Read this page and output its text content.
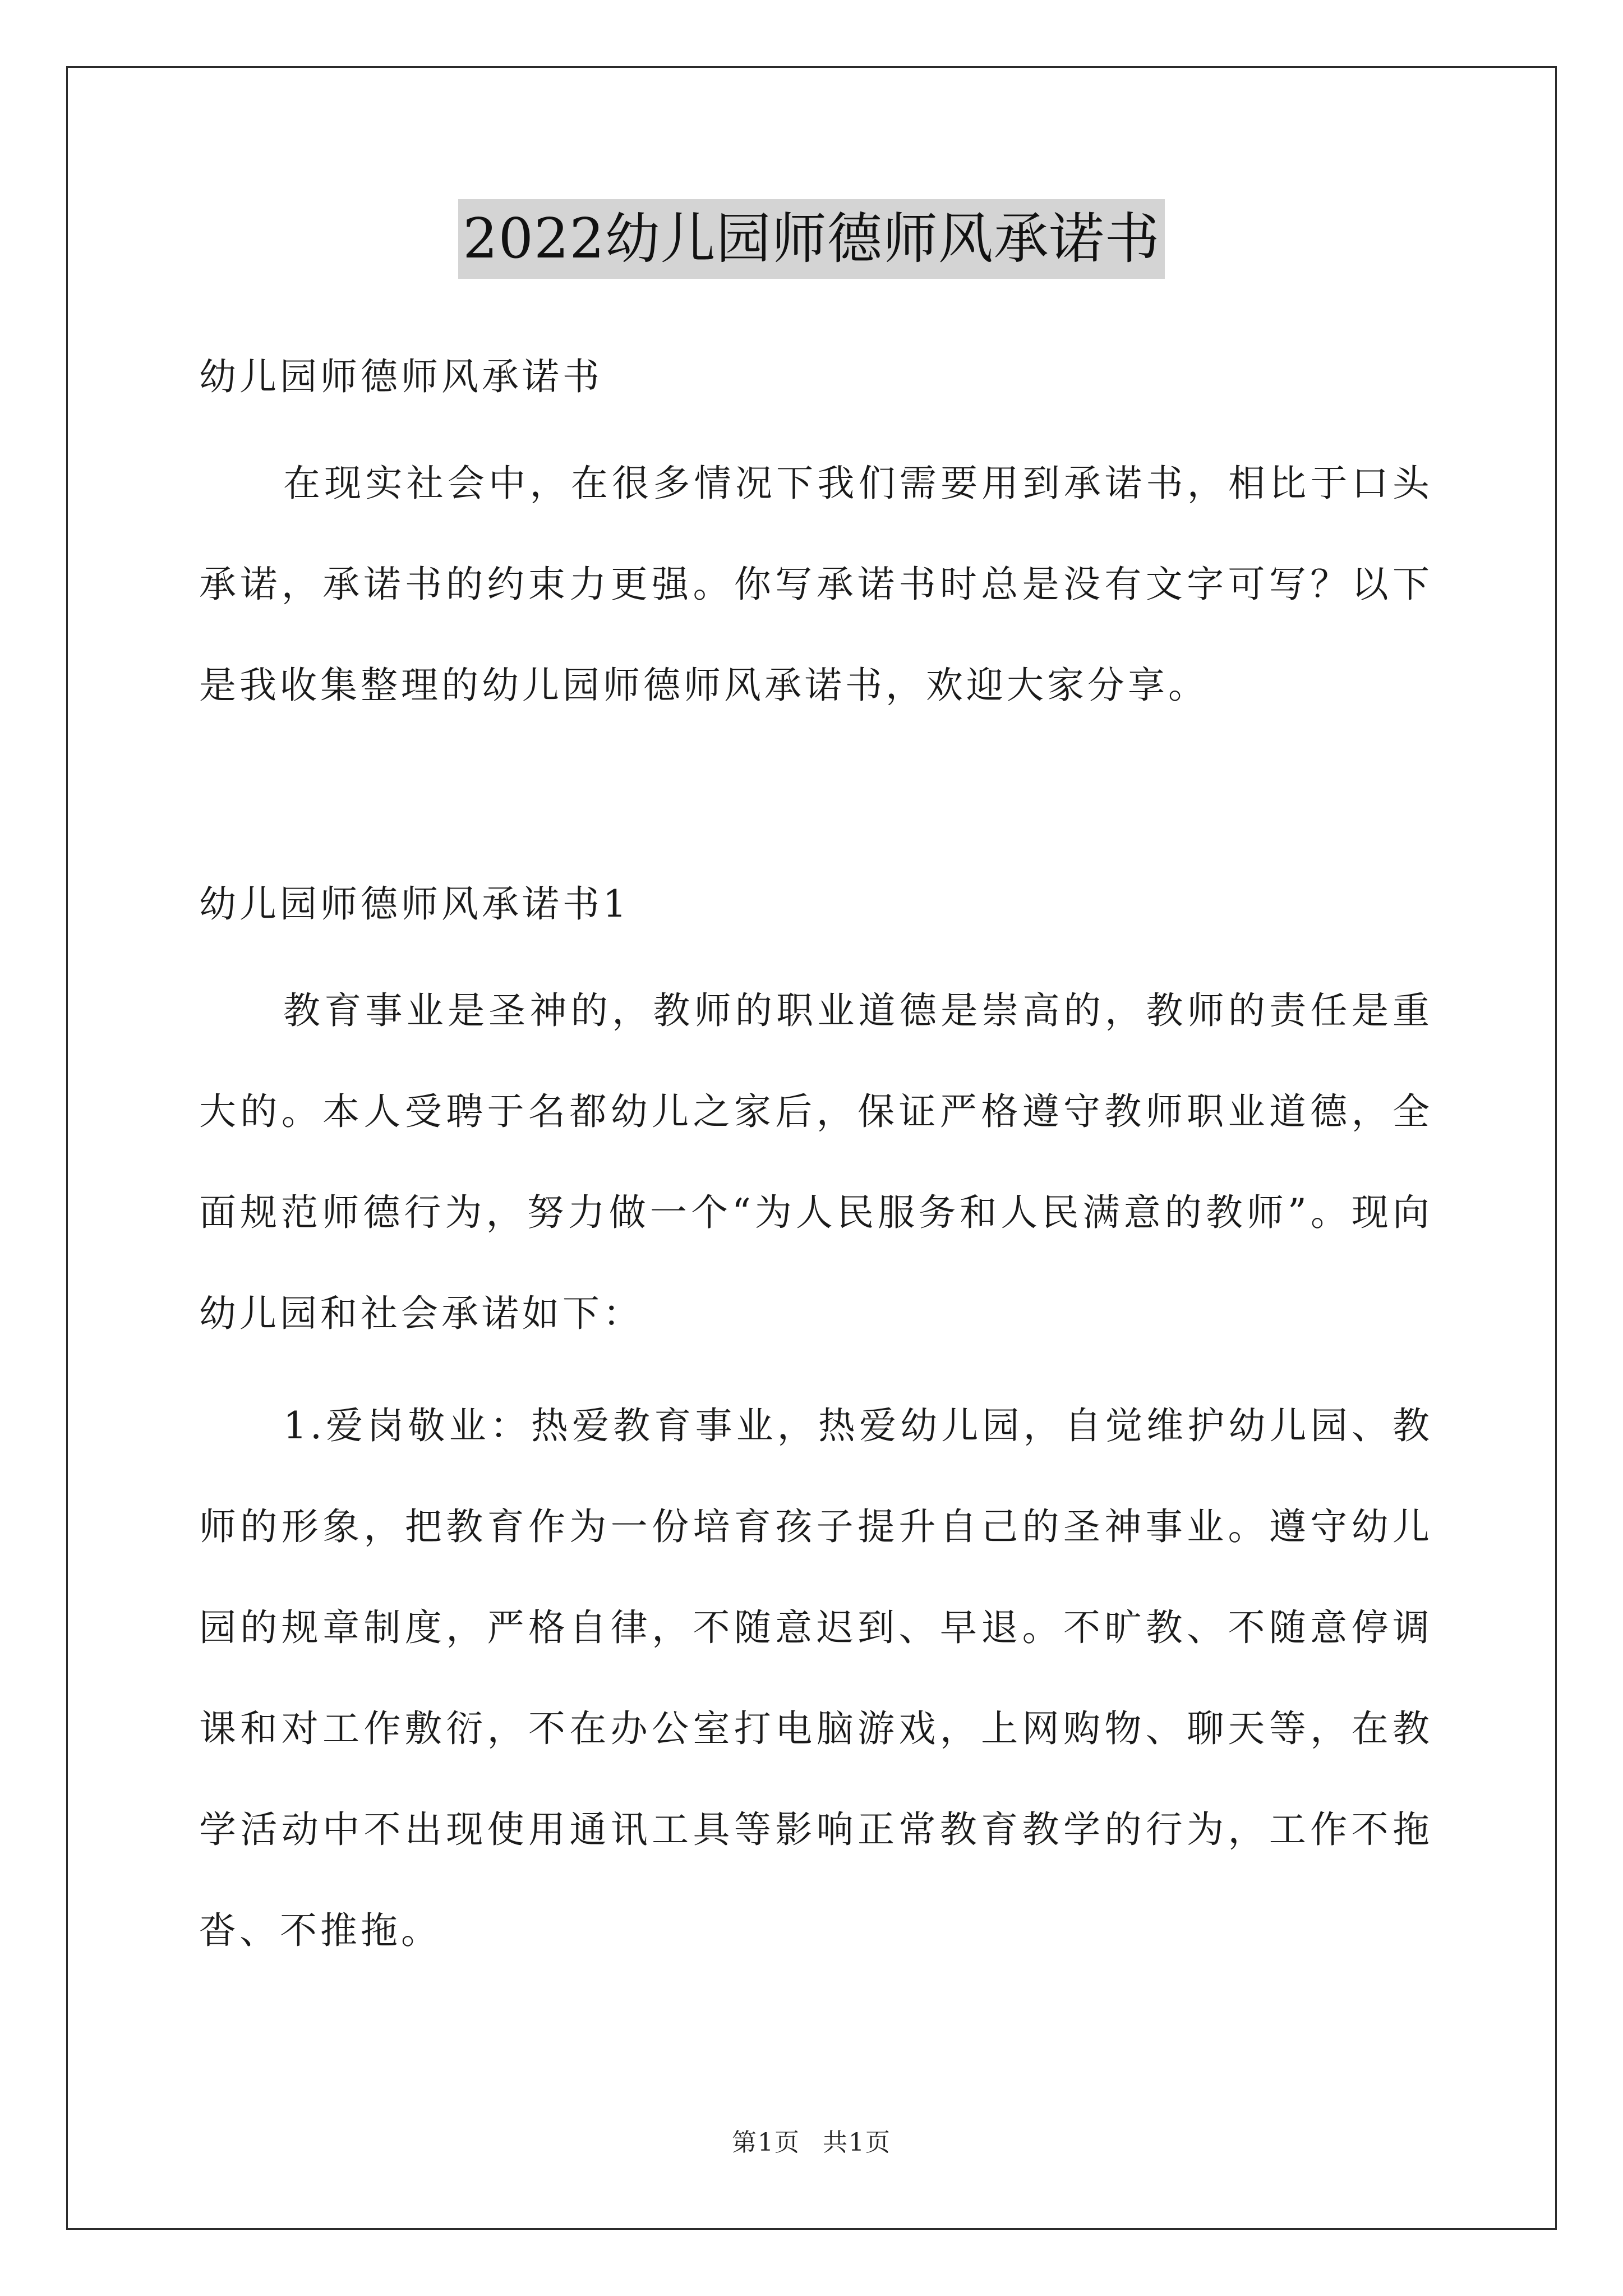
2022幼儿园师德师风承诺书

幼儿园师德师风承诺书

在现实社会中，在很多情况下我们需要用到承诺书，相比于口头承诺，承诺书的约束力更强。你写承诺书时总是没有文字可写？以下是我收集整理的幼儿园师德师风承诺书，欢迎大家分享。

幼儿园师德师风承诺书1

教育事业是圣神的，教师的职业道德是崇高的，教师的责任是重大的。本人受聘于名都幼儿之家后，保证严格遵守教师职业道德，全面规范师德行为，努力做一个“为人民服务和人民满意的教师”。现向幼儿园和社会承诺如下：

1.爱岗敬业：热爱教育事业，热爱幼儿园，自觉维护幼儿园、教师的形象，把教育作为一份培育孩子提升自己的圣神事业。遵守幼儿园的规章制度，严格自律，不随意迟到、早退。不旷教、不随意停调课和对工作敷衍，不在办公室打电脑游戏，上网购物、聊天等，在教学活动中不出现使用通讯工具等影响正常教育教学的行为，工作不拖沓、不推拖。

第1页 共1页
